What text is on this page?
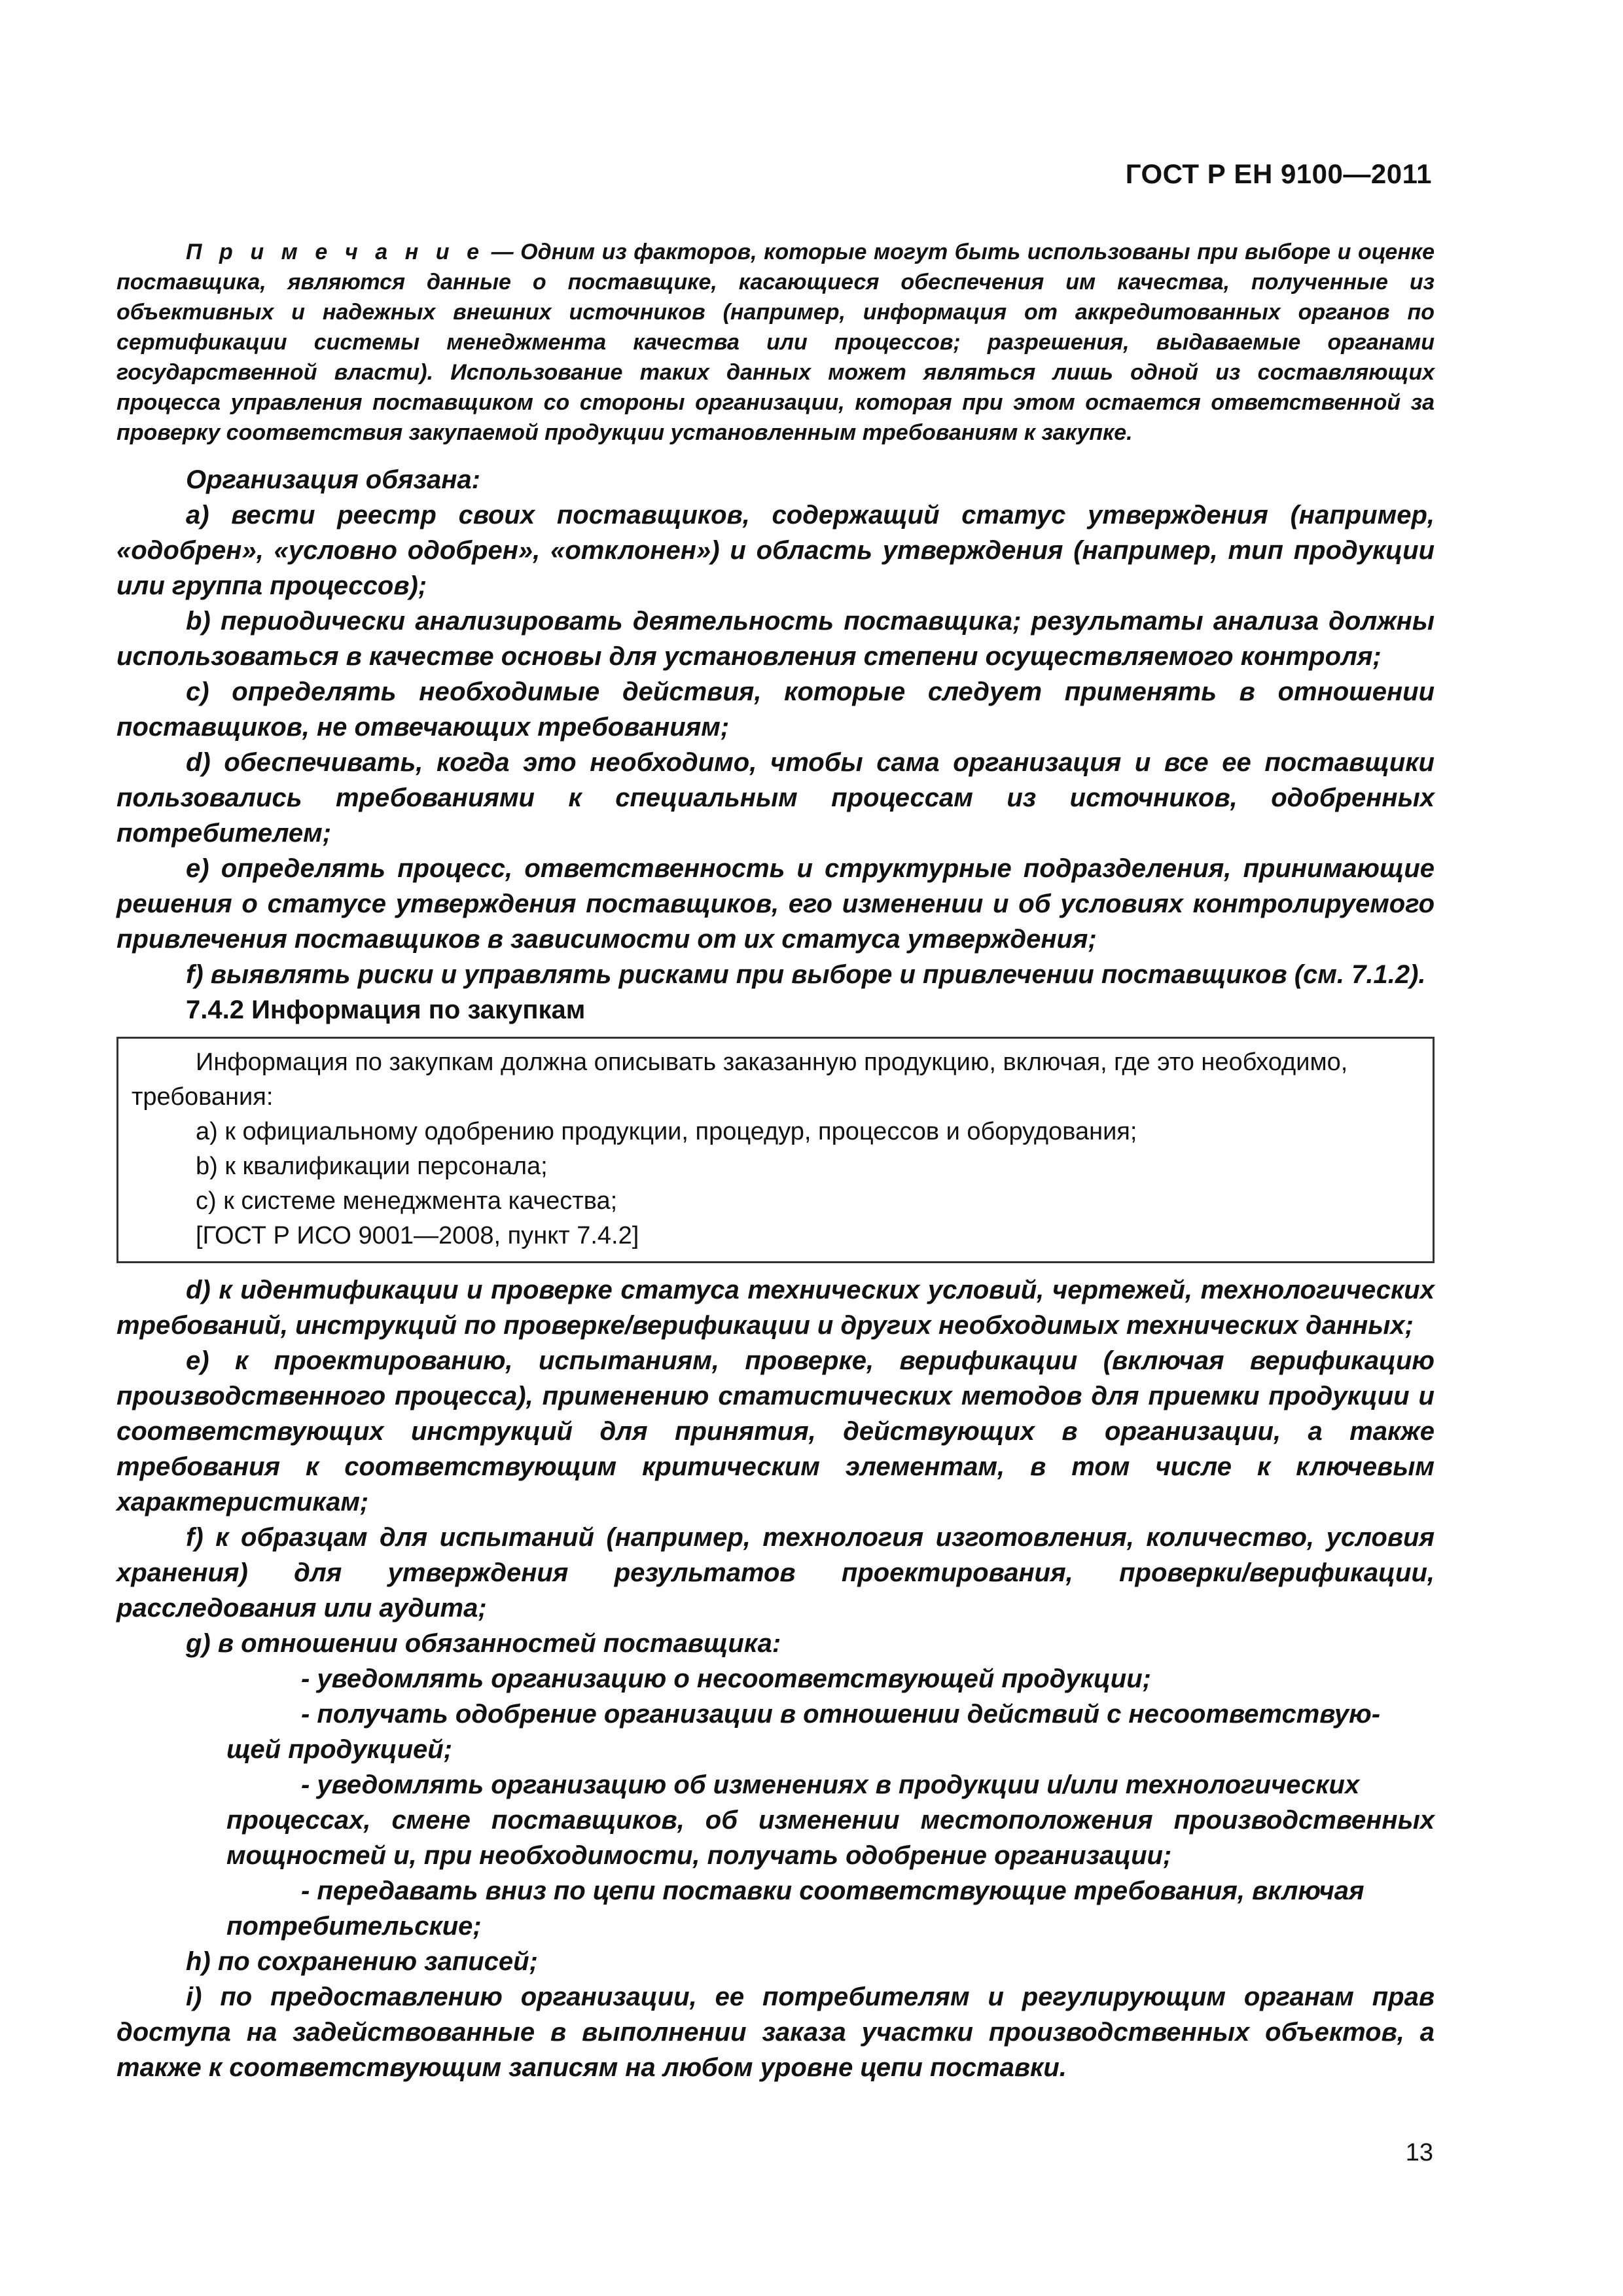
ГОСТ Р ЕН 9100—2011

П р и м е ч а н и е — Одним из факторов, которые могут быть использованы при выборе и оценке поставщика, являются данные о поставщике, касающиеся обеспечения им качества, полученные из объективных и надежных внешних источников (например, информация от аккредитованных органов по сертификации системы менеджмента качества или процессов; разрешения, выдаваемые органами государственной власти). Использование таких данных может являться лишь одной из составляющих процесса управления поставщиком со стороны организации, которая при этом остается ответственной за проверку соответствия закупаемой продукции установленным требованиям к закупке.

Организация обязана:

a) вести реестр своих поставщиков, содержащий статус утверждения (например, «одобрен», «условно одобрен», «отклонен») и область утверждения (например, тип продукции или группа процессов);

b) периодически анализировать деятельность поставщика; результаты анализа должны использоваться в качестве основы для установления степени осуществляемого контроля;

c) определять необходимые действия, которые следует применять в отношении поставщиков, не отвечающих требованиям;

d) обеспечивать, когда это необходимо, чтобы сама организация и все ее поставщики пользовались требованиями к специальным процессам из источников, одобренных потребителем;

e) определять процесс, ответственность и структурные подразделения, принимающие решения о статусе утверждения поставщиков, его изменении и об условиях контролируемого привлечения поставщиков в зависимости от их статуса утверждения;

f) выявлять риски и управлять рисками при выборе и привлечении поставщиков (см. 7.1.2).

7.4.2 Информация по закупкам

Информация по закупкам должна описывать заказанную продукцию, включая, где это необходимо, требования:

a) к официальному одобрению продукции, процедур, процессов и оборудования;

b) к квалификации персонала;

c) к системе менеджмента качества;

[ГОСТ Р ИСО 9001—2008, пункт 7.4.2]

d) к идентификации и проверке статуса технических условий, чертежей, технологических требований, инструкций по проверке/верификации и других необходимых технических данных;

e) к проектированию, испытаниям, проверке, верификации (включая верификацию производственного процесса), применению статистических методов для приемки продукции и соответствующих инструкций для принятия, действующих в организации, а также требования к соответствующим критическим элементам, в том числе к ключевым характеристикам;

f) к образцам для испытаний (например, технология изготовления, количество, условия хранения) для утверждения результатов проектирования, проверки/верификации, расследования или аудита;

g) в отношении обязанностей поставщика:

- уведомлять организацию о несоответствующей продукции;

- получать одобрение организации в отношении действий с несоответствую-

щей продукцией;

- уведомлять организацию об изменениях в продукции и/или технологических

процессах, смене поставщиков, об изменении местоположения производственных мощностей и, при необходимости, получать одобрение организации;

- передавать вниз по цепи поставки соответствующие требования, включая

потребительские;

h) по сохранению записей;

i) по предоставлению организации, ее потребителям и регулирующим органам прав доступа на задействованные в выполнении заказа участки производственных объектов, а также к соответствующим записям на любом уровне цепи поставки.

13
